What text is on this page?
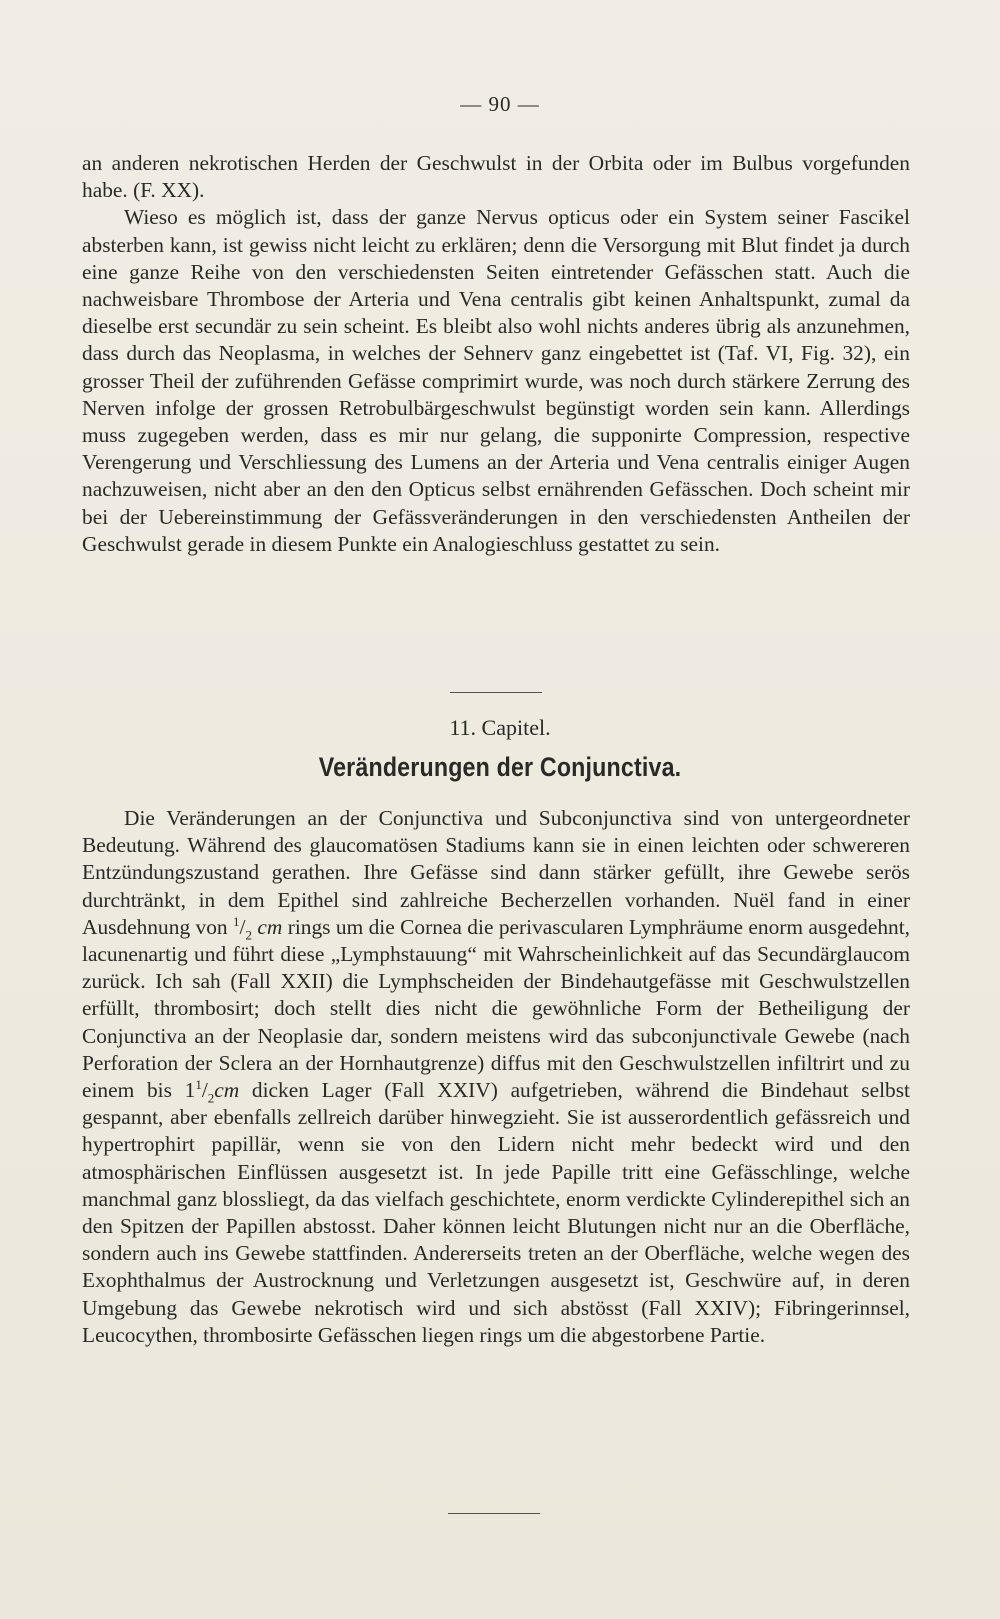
— 90 —

an anderen nekrotischen Herden der Geschwulst in der Orbita oder im Bulbus vorgefunden habe. (F. XX).

Wieso es möglich ist, dass der ganze Nervus opticus oder ein System seiner Fascikel absterben kann, ist gewiss nicht leicht zu erklären; denn die Versorgung mit Blut findet ja durch eine ganze Reihe von den verschiedensten Seiten eintretender Gefässchen statt. Auch die nachweisbare Thrombose der Arteria und Vena centralis gibt keinen Anhaltspunkt, zumal da dieselbe erst secundär zu sein scheint. Es bleibt also wohl nichts anderes übrig als anzunehmen, dass durch das Neoplasma, in welches der Sehnerv ganz eingebettet ist (Taf. VI, Fig. 32), ein grosser Theil der zuführenden Gefässe comprimirt wurde, was noch durch stärkere Zerrung des Nerven infolge der grossen Retrobulbärgeschwulst begünstigt worden sein kann. Allerdings muss zugegeben werden, dass es mir nur gelang, die supponirte Compression, respective Verengerung und Verschliessung des Lumens an der Arteria und Vena centralis einiger Augen nachzuweisen, nicht aber an den den Opticus selbst ernährenden Gefässchen. Doch scheint mir bei der Uebereinstimmung der Gefässveränderungen in den verschiedensten Antheilen der Geschwulst gerade in diesem Punkte ein Analogieschluss gestattet zu sein.

11. Capitel.
Veränderungen der Conjunctiva.

Die Veränderungen an der Conjunctiva und Subconjunctiva sind von untergeordneter Bedeutung. Während des glaucomatösen Stadiums kann sie in einen leichten oder schwereren Entzündungszustand gerathen. Ihre Gefässe sind dann stärker gefüllt, ihre Gewebe serös durchtränkt, in dem Epithel sind zahlreiche Becherzellen vorhanden. Nuël fand in einer Ausdehnung von $^1/_2$ cm rings um die Cornea die perivascularen Lymphräume enorm ausgedehnt, lacunenartig und führt diese „Lymphstauung“ mit Wahrscheinlichkeit auf das Secundärglaucom zurück. Ich sah (Fall XXII) die Lymphscheiden der Bindehautgefässe mit Geschwulstzellen erfüllt, thrombosirt; doch stellt dies nicht die gewöhnliche Form der Betheiligung der Conjunctiva an der Neoplasie dar, sondern meistens wird das subconjunctivale Gewebe (nach Perforation der Sclera an der Hornhautgrenze) diffus mit den Geschwulstzellen infiltrirt und zu einem bis $1^1/_2cm$ dicken Lager (Fall XXIV) aufgetrieben, während die Bindehaut selbst gespannt, aber ebenfalls zellreich darüber hinwegzieht. Sie ist ausserordentlich gefässreich und hypertrophirt papillär, wenn sie von den Lidern nicht mehr bedeckt wird und den atmosphärischen Einflüssen ausgesetzt ist. In jede Papille tritt eine Gefässchlinge, welche manchmal ganz blossliegt, da das vielfach geschichtete, enorm verdickte Cylinderepithel sich an den Spitzen der Papillen abstosst. Daher können leicht Blutungen nicht nur an die Oberfläche, sondern auch ins Gewebe stattfinden. Andererseits treten an der Oberfläche, welche wegen des Exophthalmus der Austrocknung und Verletzungen ausgesetzt ist, Geschwüre auf, in deren Umgebung das Gewebe nekrotisch wird und sich abstösst (Fall XXIV); Fibringerinnsel, Leucocythen, thrombosirte Gefässchen liegen rings um die abgestorbene Partie.
